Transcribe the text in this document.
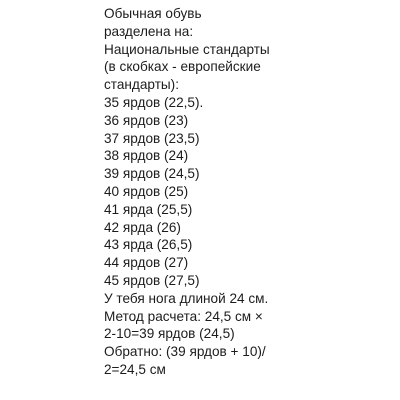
Обычная обувь
разделена на:
Национальные стандарты
(в скобках - европейские
стандарты):
35 ярдов (22,5).
36 ярдов (23)
37 ярдов (23,5)
38 ярдов (24)
39 ярдов (24,5)
40 ярдов (25)
41 ярда (25,5)
42 ярда (26)
43 ярда (26,5)
44 ярдов (27)
45 ярдов (27,5)
У тебя нога длиной 24 см.
Метод расчета: 24,5 см ×
2-10=39 ярдов (24,5)
Обратно: (39 ярдов + 10)/
2=24,5 см
